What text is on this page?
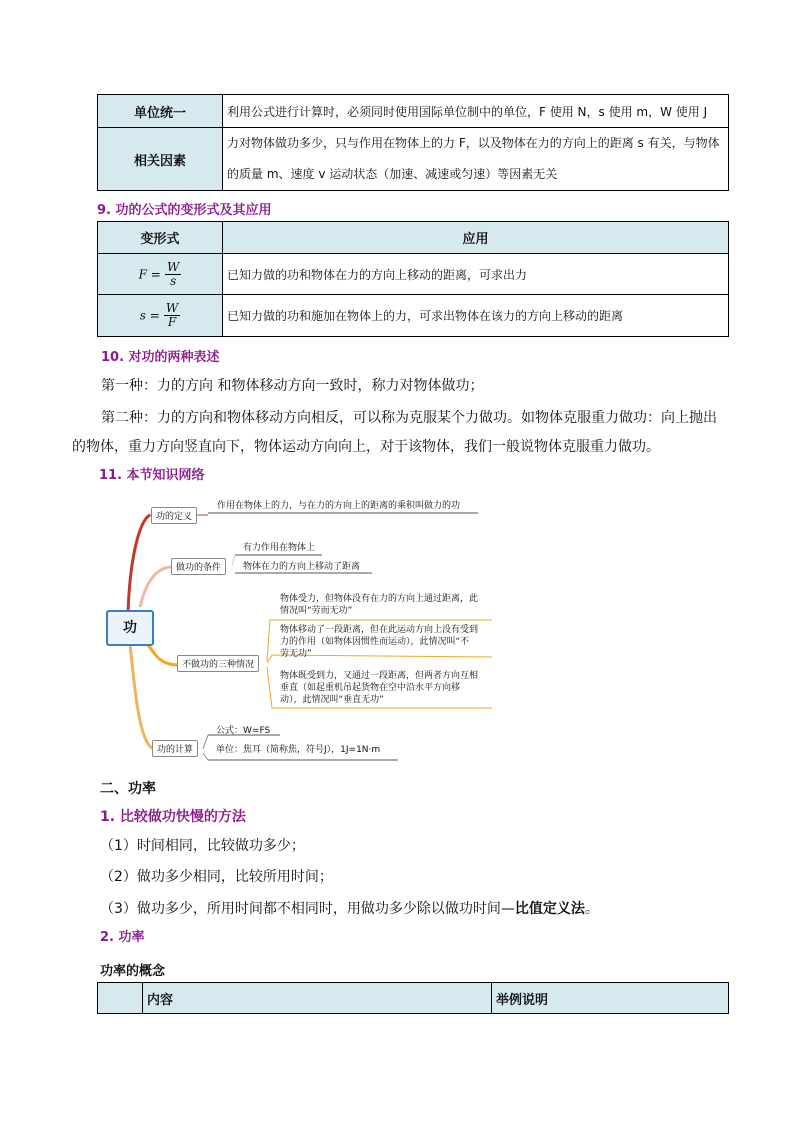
单位统一	利用公式进行计算时，必须同时使用国际单位制中的单位，F 使用 N，s 使用 m，W 使用 J
相关因素	力对物体做功多少，只与作用在物体上的力 F，以及物体在力的方向上的距离 s 有关，与物体
的质量 m、速度 v 运动状态（加速、减速或匀速）等因素无关
9. 功的公式的变形式及其应用
变形式	应用
$F = \frac{W}{s}$	已知力做的功和物体在力的方向上移动的距离，可求出力
$s = \frac{W}{F}$	已知力做的功和施加在物体上的力，可求出物体在该力的方向上移动的距离
10. 对功的两种表述
第一种：力的方向 和物体移动方向一致时，称力对物体做功；
第二种：力的方向和物体移动方向相反，可以称为克服某个力做功。如物体克服重力做功：向上抛出
的物体，重力方向竖直向下，物体运动方向向上，对于该物体，我们一般说物体克服重力做功。
11. 本节知识网络
功
功的定义
作用在物体上的力，与在力的方向上的距离的乘积叫做力的功
做功的条件
有力作用在物体上
物体在力的方向上移动了距离
不做功的三种情况
物体受力，但物体没有在力的方向上通过距离，此
情况叫“劳而无功”
物体移动了一段距离，但在此运动方向上没有受到
力的作用（如物体因惯性而运动），此情况叫“不
劳无功”
物体既受到力，又通过一段距离，但两者方向互相
垂直（如起重机吊起货物在空中沿水平方向移
动），此情况叫“垂直无功”
功的计算
公式：W=FS
单位：焦耳（简称焦，符号J），1J=1N·m
二、功率
1. 比较做功快慢的方法
（1）时间相同，比较做功多少；
（2）做功多少相同，比较所用时间；
（3）做功多少，所用时间都不相同时，用做功多少除以做功时间—比值定义法。
2. 功率
功率的概念
	内容	举例说明
